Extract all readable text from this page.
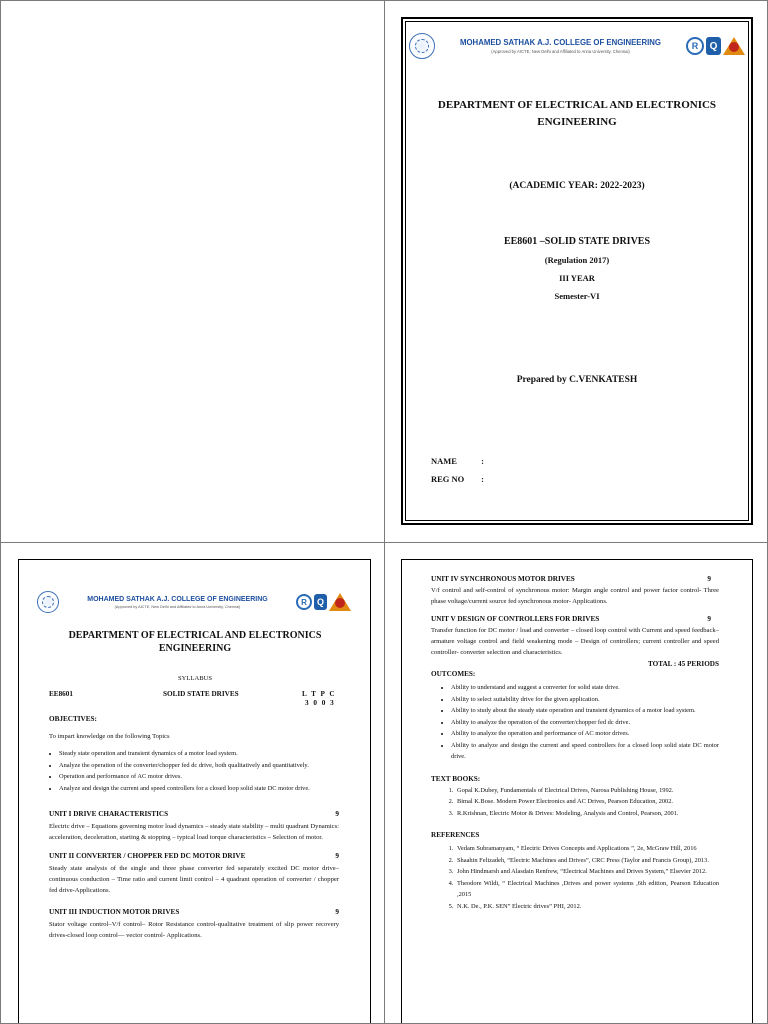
MOHAMED SATHAK A.J. COLLEGE OF ENGINEERING
(Approved by AICTE, New Delhi and Affiliated to Anna University, Chennai)
R	Q
DEPARTMENT OF ELECTRICAL AND ELECTRONICS ENGINEERING
(ACADEMIC YEAR: 2022-2023)
EE8601 –SOLID STATE DRIVES
(Regulation 2017)
III YEAR
Semester-VI
Prepared by C.VENKATESH
NAME	:
REG NO :
MOHAMED SATHAK A.J. COLLEGE OF ENGINEERING
(Approved by AICTE, New Delhi and Affiliated to Anna University, Chennai)	R	Q
DEPARTMENT OF ELECTRICAL AND ELECTRONICS ENGINEERING
SYLLABUS
EE8601	SOLID STATE DRIVES	L T P C
3 0 0 3
OBJECTIVES:
To impart knowledge on the following Topics
• Steady state operation and transient dynamics of a motor load system.
• Analyze the operation of the converter/chopper fed dc drive, both qualitatively and quantitatively.
• Operation and performance of AC motor drives.
• Analyze and design the current and speed controllers for a closed loop solid state DC motor drive.
UNIT I DRIVE CHARACTERISTICS	9
Electric drive – Equations governing motor load dynamics – steady state stability – multi quadrant Dynamics: acceleration, deceleration, starting & stopping – typical load torque characteristics – Selection of motor.
UNIT II CONVERTER / CHOPPER FED DC MOTOR DRIVE	9
Steady state analysis of the single and three phase converter fed separately excited DC motor drive– continuous conduction – Time ratio and current limit control – 4 quadrant operation of converter / chopper fed drive-Applications.
UNIT III INDUCTION MOTOR DRIVES	9
Stator voltage control–V/f control– Rotor Resistance control-qualitative treatment of slip power recovery drives-closed loop control— vector control- Applications.
UNIT IV SYNCHRONOUS MOTOR DRIVES	9
V/f control and self-control of synchronous motor: Margin angle control and power factor control- Three phase voltage/current source fed synchronous motor- Applications.
UNIT V DESIGN OF CONTROLLERS FOR DRIVES	9
Transfer function for DC motor / load and converter – closed loop control with Current and speed feedback–armature voltage control and field weakening mode – Design of controllers; current controller and speed controller- converter selection and characteristics.
TOTAL : 45 PERIODS
OUTCOMES:
• Ability to understand and suggest a converter for solid state drive.
• Ability to select suitability drive for the given application.
• Ability to study about the steady state operation and transient dynamics of a motor load system.
• Ability to analyze the operation of the converter/chopper fed dc drive.
• Ability to analyze the operation and performance of AC motor drives.
• Ability to analyze and design the current and speed controllers for a closed loop solid state DC motor drive.
TEXT BOOKS:
1. Gopal K.Dubey, Fundamentals of Electrical Drives, Narosa Publishing House, 1992.
2. Bimal K.Bose. Modern Power Electronics and AC Drives, Pearson Education, 2002.
3. R.Krishnan, Electric Motor & Drives: Modeling, Analysis and Control, Pearson, 2001.
REFERENCES
1. Vedam Subramanyam, “ Electric Drives Concepts and Applications ”, 2e, McGraw Hill, 2016
2. Shaahin Felizadeh, “Electric Machines and Drives”, CRC Press (Taylor and Francis Group), 2013.
3. John Hindmarsh and Alasdain Renfrew, “Electrical Machines and Drives System,” Elsevier 2012.
4. Theodore Wildi, “ Electrical Machines ,Drives and power systems ,6th edition, Pearson Education ,2015
5. N.K. De., P.K. SEN” Electric drives” PHI, 2012.
